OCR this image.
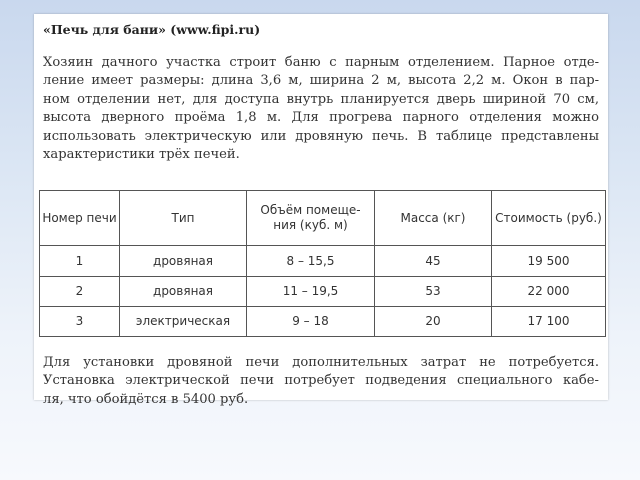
«Печь для бани» (www.fipi.ru)
Хозяин дачного участка строит баню с парным отделением. Парное отде-
ление имеет размеры: длина 3,6 м, ширина 2 м, высота 2,2 м. Окон в пар-
ном отделении нет, для доступа внутрь планируется дверь шириной 70 см,
высота дверного проёма 1,8 м. Для прогрева парного отделения можно
использовать электрическую или дровяную печь. В таблице представлены
характеристики трёх печей.
Номер печи	Тип	Объём помеще-ния (куб. м)	Масса (кг)	Стоимость (руб.)
1	дровяная	8 – 15,5	45	19 500
2	дровяная	11 – 19,5	53	22 000
3	электрическая	9 – 18	20	17 100
Для установки дровяной печи дополнительных затрат не потребуется.
Установка электрической печи потребует подведения специального кабе-
ля, что обойдётся в 5400 руб.
